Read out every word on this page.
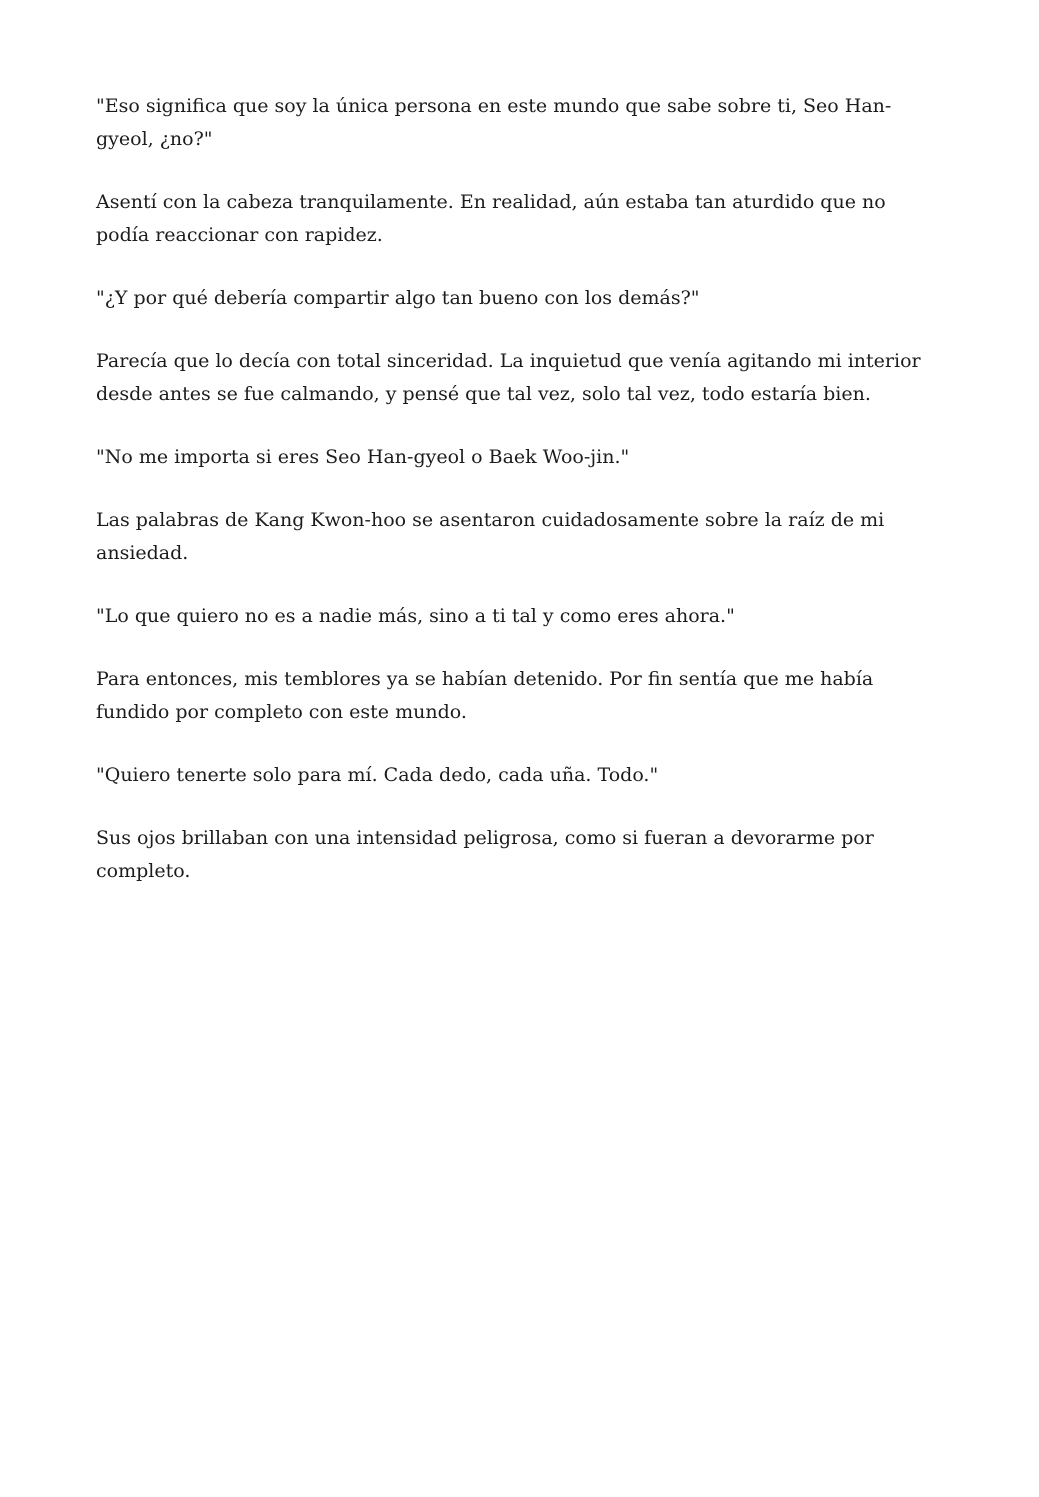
"Eso significa que soy la única persona en este mundo que sabe sobre ti, Seo Han-gyeol, ¿no?"

Asentí con la cabeza tranquilamente. En realidad, aún estaba tan aturdido que no podía reaccionar con rapidez.

"¿Y por qué debería compartir algo tan bueno con los demás?"

Parecía que lo decía con total sinceridad. La inquietud que venía agitando mi interior desde antes se fue calmando, y pensé que tal vez, solo tal vez, todo estaría bien.

"No me importa si eres Seo Han-gyeol o Baek Woo-jin."

Las palabras de Kang Kwon-hoo se asentaron cuidadosamente sobre la raíz de mi ansiedad.

"Lo que quiero no es a nadie más, sino a ti tal y como eres ahora."

Para entonces, mis temblores ya se habían detenido. Por fin sentía que me había fundido por completo con este mundo.

"Quiero tenerte solo para mí. Cada dedo, cada uña. Todo."

Sus ojos brillaban con una intensidad peligrosa, como si fueran a devorarme por completo.
